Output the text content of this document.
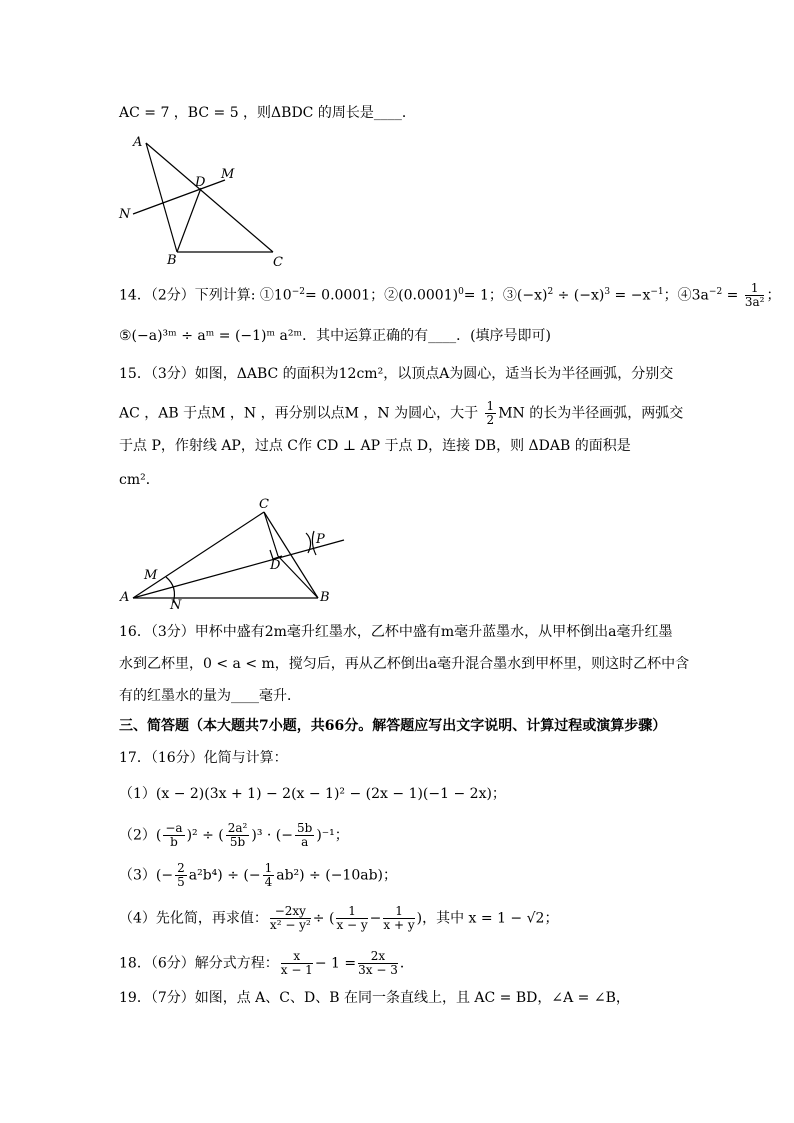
AC = 7 ，BC = 5 ，则ΔBDC 的周长是____．
A
B	C
D
M
N
14．（2分）下列计算: $①10^{-2}= 0.0001$；$②(0.0001)^0= 1$；$③(-x)^2 \div (-x)^3 = -x^{-1}$；$④3a^{-2} = \frac{1}{\text{3a²}}$ ；
⑤(−a)³ᵐ ÷ aᵐ = (−1)ᵐ a²ᵐ．其中运算正确的有____．(填序号即可)
15．（3分）如图，ΔABC 的面积为12cm²，以顶点A为圆心，适当长为半径画弧，分别交
AC ，AB 于点M ，N ，再分别以点M ，N 为圆心，大于 $\frac{1}{2}$ MN 的长为半径画弧，两弧交
于点 P，作射线 AP，过点 C作 CD ⊥ AP 于点 D，连接 DB，则 ΔDAB 的面积是
cm²．
A	B
C
D
M
N
P
16．（3分）甲杯中盛有2m毫升红墨水，乙杯中盛有m毫升蓝墨水，从甲杯倒出a毫升红墨
水到乙杯里，0 < a < m，搅匀后，再从乙杯倒出a毫升混合墨水到甲杯里，则这时乙杯中含
有的红墨水的量为____毫升．
三、简答题（本大题共7小题，共66分。解答题应写出文字说明、计算过程或演算步骤）
17．（16分）化简与计算：
（1）(x − 2)(3x + 1) − 2(x − 1)² − (2x − 1)(−1 − 2x)；
$(2)( \frac{-a}{b} )^2$ ÷ ( $\frac{\text{2a²}}{5b} )^3$ · (− $\frac{5b}{a} )^{-1}$；
$(3)(- \frac{2}{5} a^2b^4)$ ÷ (− $\frac{1}{4} ab^2) \div (-10ab)$；
（4）先化简，再求值： $\frac{-2xy}{\text{x² − y²}}$ ÷ ( $\frac{1}{x - y} - \frac{1}{x + y}$ )，其中 x = 1 − √2；
18．（6分）解分式方程： $\frac{x}{x - 1} - 1 = \frac{2x}{3x - 3}$ ．
19．（7分）如图，点 A、C、D、B 在同一条直线上，且 AC = BD，∠A = ∠B，
